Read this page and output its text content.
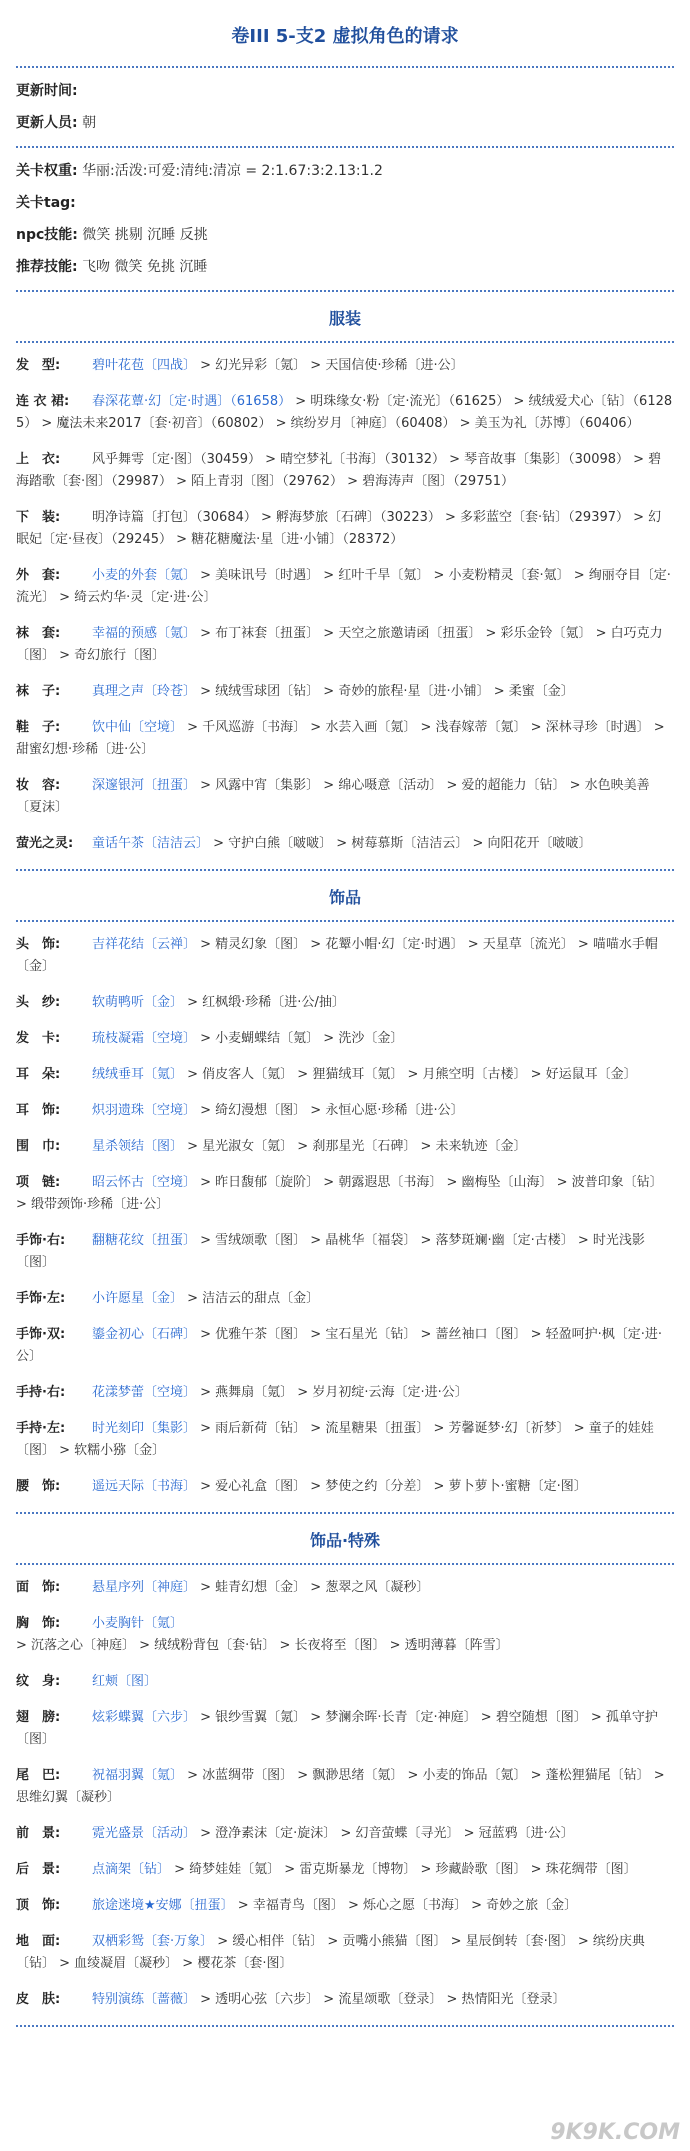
卷III 5-支2 虚拟角色的请求
更新时间:
更新人员: 朝
关卡权重: 华丽:活泼:可爱:清纯:清凉 = 2:1.67:3:2.13:1.2
关卡tag:
npc技能: 微笑 挑剔 沉睡 反挑
推荐技能: 飞吻 微笑 免挑 沉睡
服装
发　型: 碧叶花苞〔四战〕 > 幻光异彩〔氪〕 > 天国信使·珍稀〔进·公〕
连 衣 裙: 春深花蕈·幻〔定·时遇〕（61658） > 明珠缘女·粉〔定·流光〕（61625） > 绒绒爱犬心〔钻〕（61285） > 魔法未来2017〔套·初音〕（60802） > 缤纷岁月〔神庭〕（60408） > 美玉为礼〔苏博〕（60406）
上　衣: 风乎舞雩〔定·图〕（30459） > 晴空梦礼〔书海〕（30132） > 琴音故事〔集影〕（30098） > 碧海踏歌〔套·图〕（29987） > 陌上青羽〔图〕（29762） > 碧海涛声〔图〕（29751）
下　装: 明净诗篇〔打包〕（30684） > 孵海梦旅〔石碑〕（30223） > 多彩蓝空〔套·钻〕（29397） > 幻眠妃〔定·昼夜〕（29245） > 糖花糖魔法·星〔进·小铺〕（28372）
外　套: 小麦的外套〔氪〕 > 美味讯号〔时遇〕 > 红叶千旱〔氪〕 > 小麦粉精灵〔套·氪〕 > 绚丽夺目〔定·流光〕 > 绮云灼华·灵〔定·进·公〕
袜　套: 幸福的预感〔氪〕 > 布丁袜套〔扭蛋〕 > 天空之旅邀请函〔扭蛋〕 > 彩乐金铃〔氪〕 > 白巧克力〔图〕 > 奇幻旅行〔图〕
袜　子: 真理之声〔玲苍〕 > 绒绒雪球团〔钻〕 > 奇妙的旅程·星〔进·小铺〕 > 柔蜜〔金〕
鞋　子: 饮中仙〔空境〕 > 千风巡游〔书海〕 > 水芸入画〔氪〕 > 浅春嫁蒂〔氪〕 > 深林寻珍〔时遇〕 > 甜蜜幻想·珍稀〔进·公〕
妆　容: 深邃银河〔扭蛋〕 > 风露中宵〔集影〕 > 绵心嗫意〔活动〕 > 爱的超能力〔钻〕 > 水色映美善〔夏沫〕
萤光之灵: 童话午茶〔洁洁云〕 > 守护白熊〔啵啵〕 > 树莓慕斯〔洁洁云〕 > 向阳花开〔啵啵〕
饰品
头　饰: 吉祥花结〔云禅〕 > 精灵幻象〔图〕 > 花颦小帽·幻〔定·时遇〕 > 天星草〔流光〕 > 喵喵水手帽〔金〕
头　纱: 软萌鸭听〔金〕 > 红枫缎·珍稀〔进·公/抽〕
发　卡: 琉枝凝霜〔空境〕 > 小麦蝴蝶结〔氪〕 > 洗沙〔金〕
耳　朵: 绒绒垂耳〔氪〕 > 俏皮客人〔氪〕 > 狸猫绒耳〔氪〕 > 月熊空明〔古楼〕 > 好运鼠耳〔金〕
耳　饰: 炽羽遗珠〔空境〕 > 绮幻漫想〔图〕 > 永恒心愿·珍稀〔进·公〕
围　巾: 星杀领结〔图〕 > 星光淑女〔氪〕 > 刹那星光〔石碑〕 > 未来轨迹〔金〕
项　链: 昭云怀古〔空境〕 > 昨日馥郁〔旋阶〕 > 朝露遐思〔书海〕 > 幽梅坠〔山海〕 > 波普印象〔钻〕 > 缎带颈饰·珍稀〔进·公〕
手饰·右: 翻糖花纹〔扭蛋〕 > 雪绒颂歌〔图〕 > 晶桃华〔福袋〕 > 落梦斑斓·幽〔定·古楼〕 > 时光浅影〔图〕
手饰·左: 小许愿星〔金〕 > 洁洁云的甜点〔金〕
手饰·双: 鎏金初心〔石碑〕 > 优雅午茶〔图〕 > 宝石星光〔钻〕 > 蔷丝袖口〔图〕 > 轻盈呵护·枫〔定·进·公〕
手持·右: 花漾梦蕾〔空境〕 > 燕舞扇〔氪〕 > 岁月初绽·云海〔定·进·公〕
手持·左: 时光刻印〔集影〕 > 雨后新荷〔钻〕 > 流星糖果〔扭蛋〕 > 芳馨诞梦·幻〔祈梦〕 > 童子的娃娃〔图〕 > 软糯小猕〔金〕
腰　饰: 遥远天际〔书海〕 > 爱心礼盒〔图〕 > 梦使之约〔分差〕 > 萝卜萝卜·蜜糖〔定·图〕
饰品·特殊
面　饰: 悬星序列〔神庭〕 > 蛙青幻想〔金〕 > 葱翠之风〔凝秒〕
胸　饰: 小麦胸针〔氪〕 > 沉落之心〔神庭〕 > 绒绒粉背包〔套·钻〕 > 长夜将至〔图〕 > 透明薄暮〔阵雪〕
纹　身: 红颊〔图〕
翅　膀: 炫彩蝶翼〔六步〕 > 银纱雪翼〔氪〕 > 梦澜余晖·长青〔定·神庭〕 > 碧空随想〔图〕 > 孤单守护〔图〕
尾　巴: 祝福羽翼〔氪〕 > 冰蓝绸带〔图〕 > 飘渺思绪〔氪〕 > 小麦的饰品〔氪〕 > 蓬松狸猫尾〔钻〕 > 思维幻翼〔凝秒〕
前　景: 霓光盛景〔活动〕 > 澄净素沫〔定·旋沫〕 > 幻音萤蝶〔寻光〕 > 冠蓝鸦〔进·公〕
后　景: 点滴架〔钻〕 > 绮梦娃娃〔氪〕 > 雷克斯暴龙〔博物〕 > 珍藏龄歌〔图〕 > 珠花绸带〔图〕
顶　饰: 旅途迷境★安娜〔扭蛋〕 > 幸福青鸟〔图〕 > 烁心之愿〔书海〕 > 奇妙之旅〔金〕
地　面: 双栖彩鸳〔套·万象〕 > 缓心相伴〔钻〕 > 贡嘴小熊猫〔图〕 > 星辰倒转〔套·图〕 > 缤纷庆典〔钻〕 > 血绫凝眉〔凝秒〕 > 樱花茶〔套·图〕
皮　肤: 特别演练〔蔷薇〕 > 透明心弦〔六步〕 > 流星颂歌〔登录〕 > 热情阳光〔登录〕
9K9K.COM
